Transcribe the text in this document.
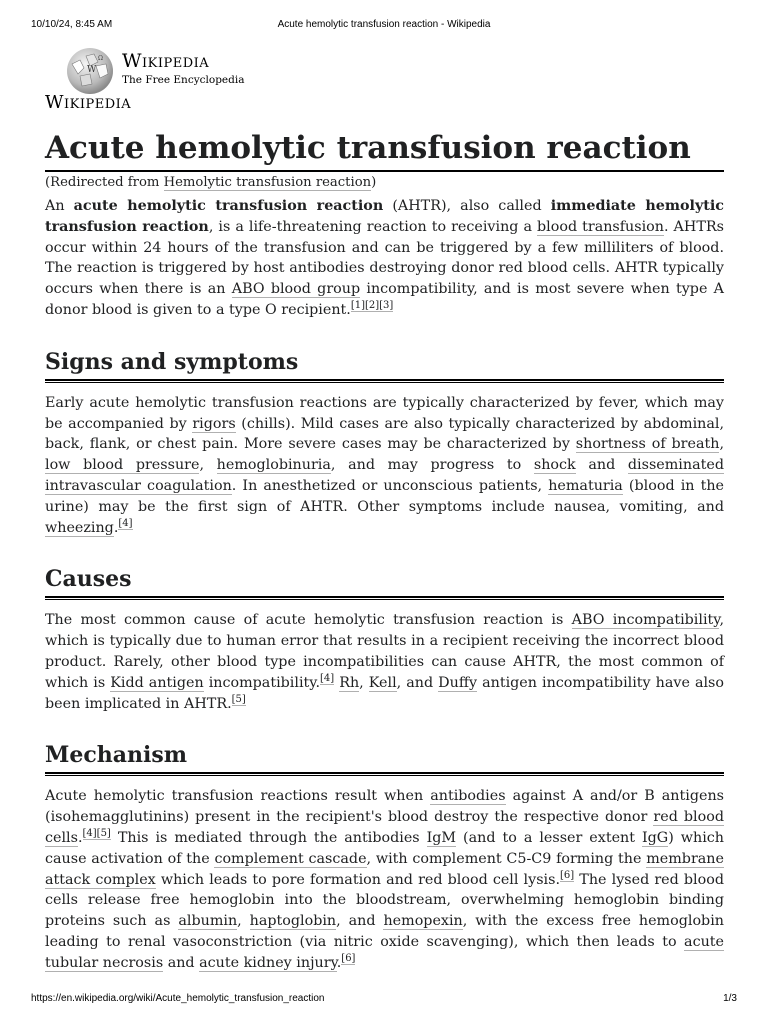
10/10/24, 8:45 AM	Acute hemolytic transfusion reaction - Wikipedia
W
Ω Wikipedia
The Free Encyclopedia
Wikipedia
Acute hemolytic transfusion reaction
(Redirected from Hemolytic transfusion reaction)

An acute hemolytic transfusion reaction (AHTR), also called immediate hemolytic transfusion reaction, is a life-threatening reaction to receiving a blood transfusion. AHTRs occur within 24 hours of the transfusion and can be triggered by a few milliliters of blood. The reaction is triggered by host antibodies destroying donor red blood cells. AHTR typically occurs when there is an ABO blood group incompatibility, and is most severe when type A donor blood is given to a type O recipient.[1][2][3]

Signs and symptoms

Early acute hemolytic transfusion reactions are typically characterized by fever, which may be accompanied by rigors (chills). Mild cases are also typically characterized by abdominal, back, flank, or chest pain. More severe cases may be characterized by shortness of breath, low blood pressure, hemoglobinuria, and may progress to shock and disseminated intravascular coagulation. In anesthetized or unconscious patients, hematuria (blood in the urine) may be the first sign of AHTR. Other symptoms include nausea, vomiting, and wheezing.[4]

Causes

The most common cause of acute hemolytic transfusion reaction is ABO incompatibility, which is typically due to human error that results in a recipient receiving the incorrect blood product. Rarely, other blood type incompatibilities can cause AHTR, the most common of which is Kidd antigen incompatibility.[4] Rh, Kell, and Duffy antigen incompatibility have also been implicated in AHTR.[5]

Mechanism

Acute hemolytic transfusion reactions result when antibodies against A and/or B antigens (isohemagglutinins) present in the recipient's blood destroy the respective donor red blood cells.[4][5] This is mediated through the antibodies IgM (and to a lesser extent IgG) which cause activation of the complement cascade, with complement C5-C9 forming the membrane attack complex which leads to pore formation and red blood cell lysis.[6] The lysed red blood cells release free hemoglobin into the bloodstream, overwhelming hemoglobin binding proteins such as albumin, haptoglobin, and hemopexin, with the excess free hemoglobin leading to renal vasoconstriction (via nitric oxide scavenging), which then leads to acute tubular necrosis and acute kidney injury.[6]

https://en.wikipedia.org/wiki/Acute_hemolytic_transfusion_reaction	1/3
